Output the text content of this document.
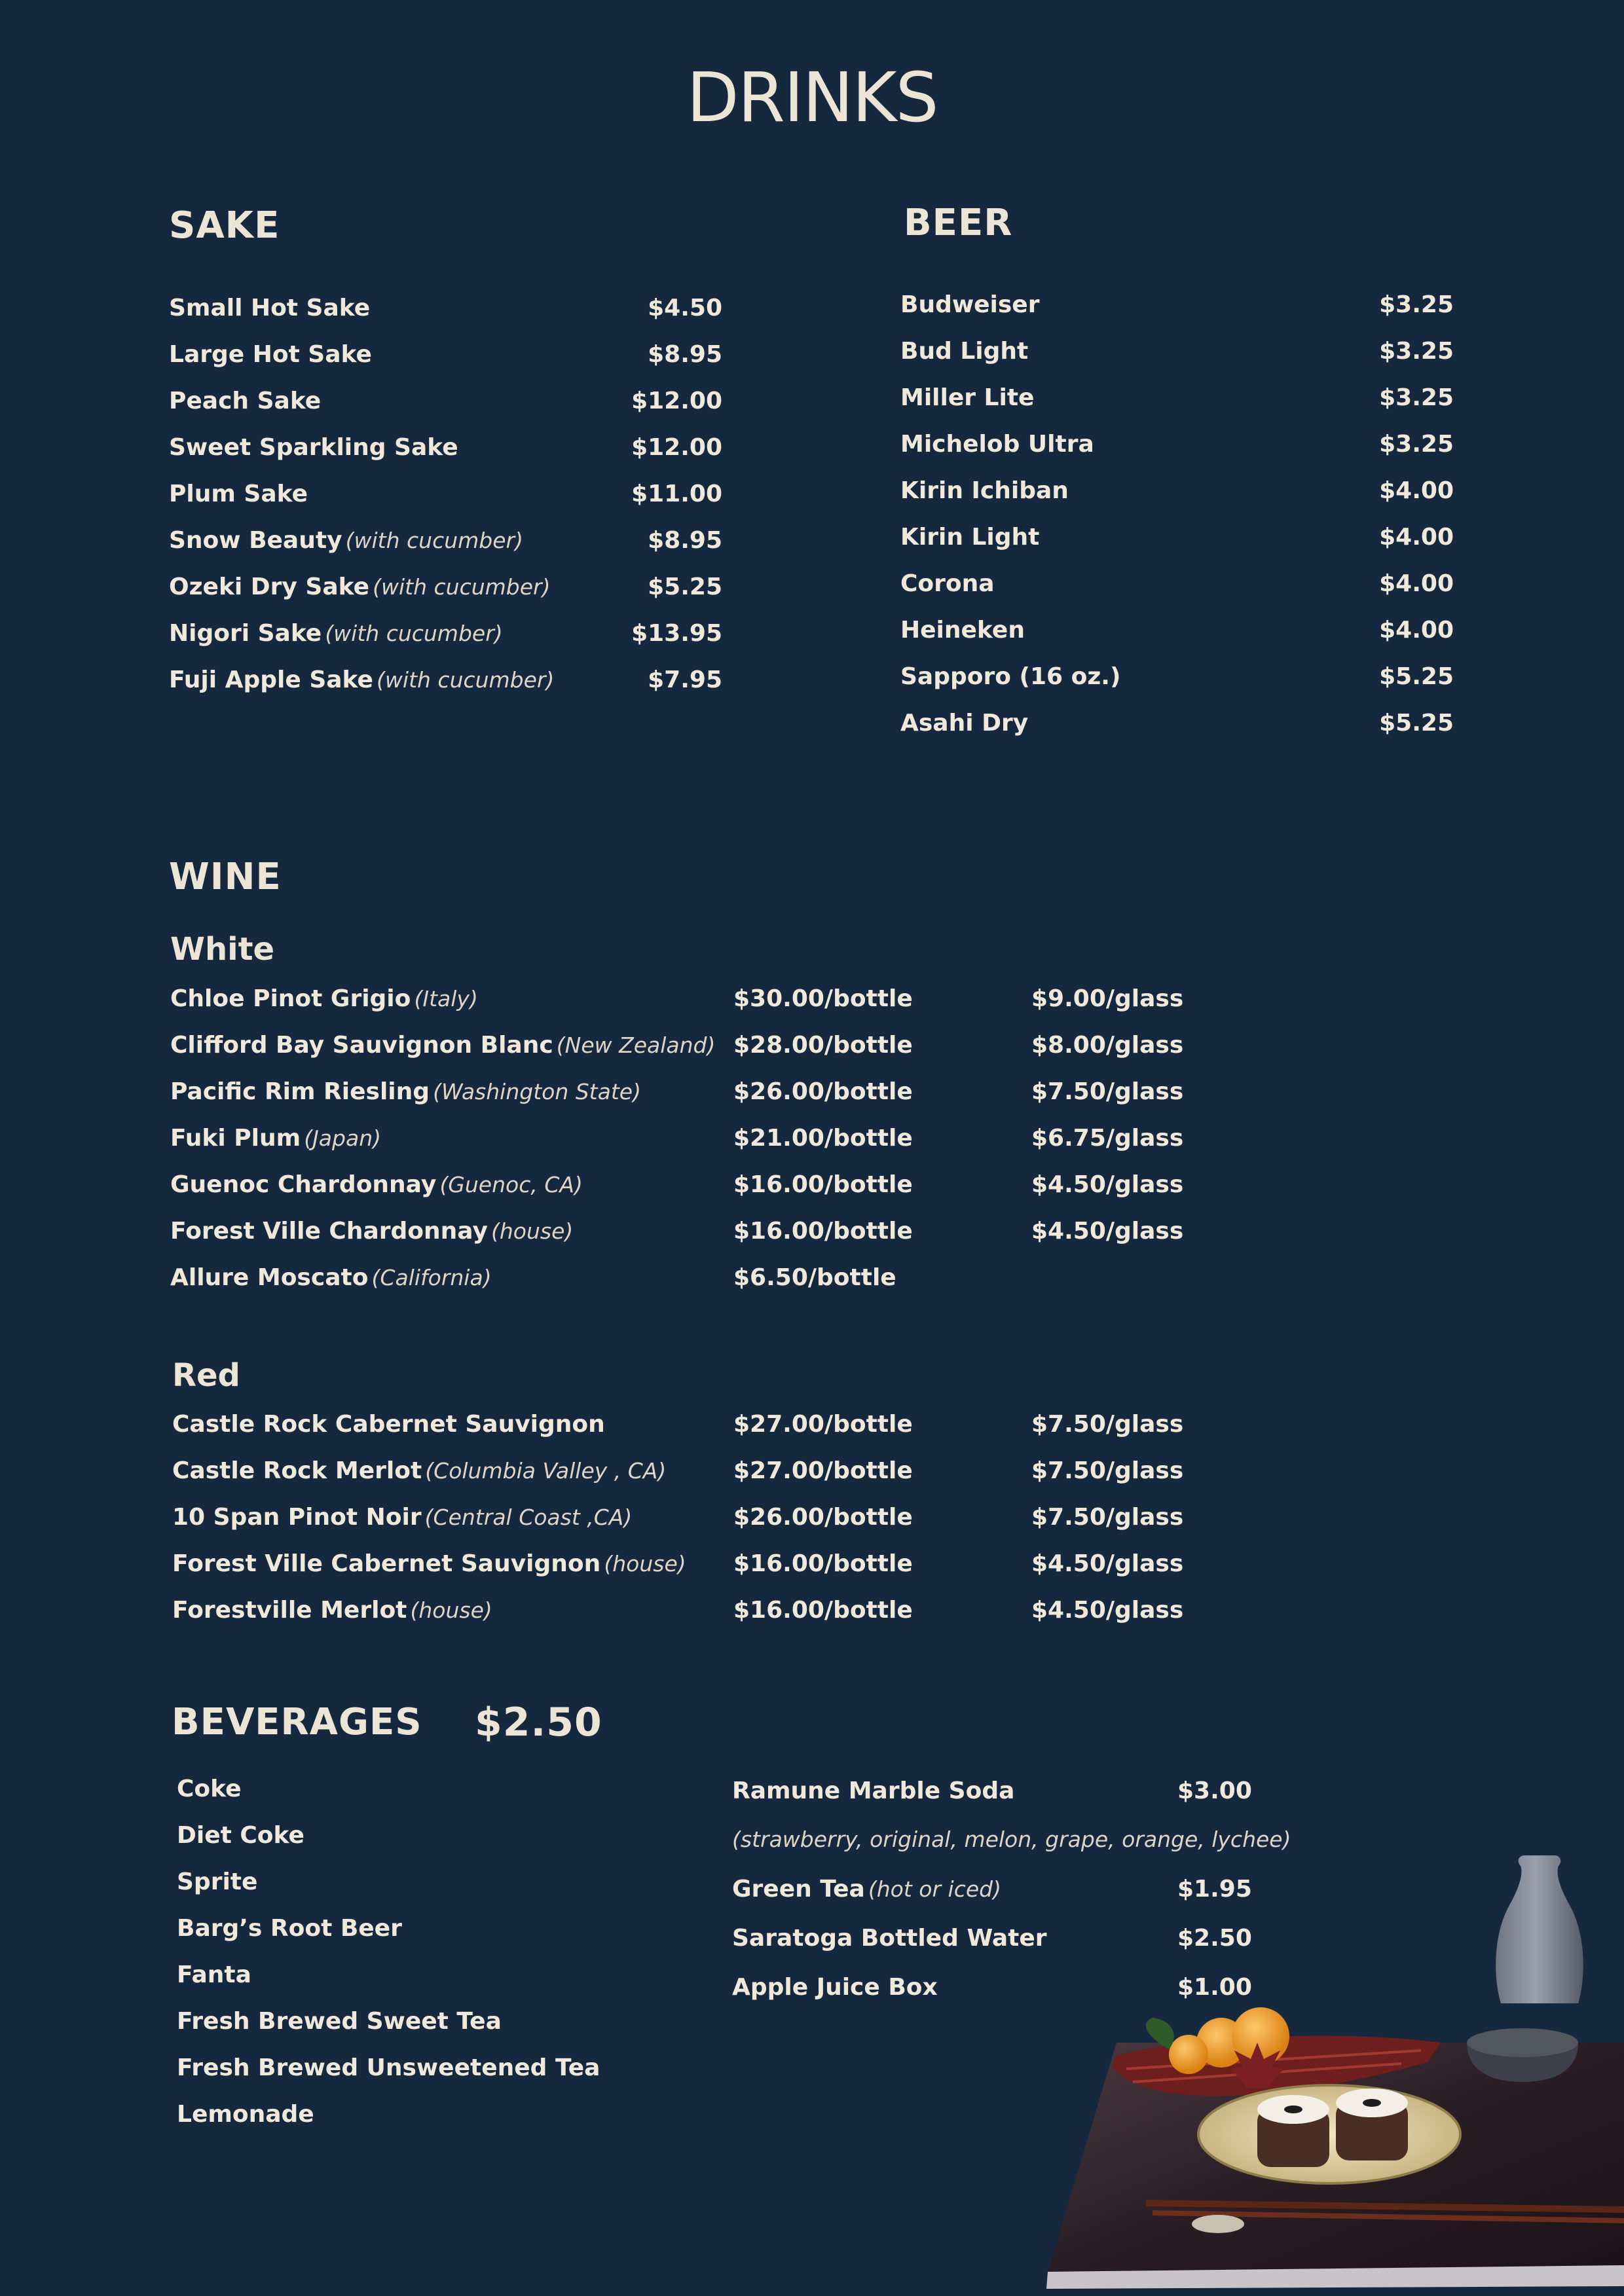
DRINKS
SAKE
Small Hot Sake	$4.50
Large Hot Sake	$8.95
Peach Sake	$12.00
Sweet Sparkling Sake	$12.00
Plum Sake	$11.00
Snow Beauty (with cucumber)	$8.95
Ozeki Dry Sake (with cucumber)	$5.25
Nigori Sake (with cucumber)	$13.95
Fuji Apple Sake (with cucumber)	$7.95
BEER
Budweiser	$3.25
Bud Light	$3.25
Miller Lite	$3.25
Michelob Ultra	$3.25
Kirin Ichiban	$4.00
Kirin Light	$4.00
Corona	$4.00
Heineken	$4.00
Sapporo (16 oz.)	$5.25
Asahi Dry	$5.25
WINE
White
Chloe Pinot Grigio (Italy)	$30.00/bottle	$9.00/glass
Clifford Bay Sauvignon Blanc (New Zealand) $28.00/bottle	$8.00/glass
Pacific Rim Riesling (Washington State)	$26.00/bottle	$7.50/glass
Fuki Plum (Japan)	$21.00/bottle	$6.75/glass
Guenoc Chardonnay (Guenoc, CA)	$16.00/bottle	$4.50/glass
Forest Ville Chardonnay (house)	$16.00/bottle	$4.50/glass
Allure Moscato (California)	$6.50/bottle
Red
Castle Rock Cabernet Sauvignon	$27.00/bottle	$7.50/glass
Castle Rock Merlot (Columbia Valley , CA)	$27.00/bottle	$7.50/glass
10 Span Pinot Noir (Central Coast ,CA)	$26.00/bottle	$7.50/glass
Forest Ville Cabernet Sauvignon (house) $16.00/bottle	$4.50/glass
Forestville Merlot (house)	$16.00/bottle	$4.50/glass
BEVERAGES $2.50
Coke
Diet Coke
Sprite
Barg’s Root Beer
Fanta
Fresh Brewed Sweet Tea
Fresh Brewed Unsweetened Tea
Lemonade
Ramune Marble Soda	$3.00
(strawberry, original, melon, grape, orange, lychee)
Green Tea (hot or iced)	$1.95
Saratoga Bottled Water	$2.50
Apple Juice Box	$1.00
